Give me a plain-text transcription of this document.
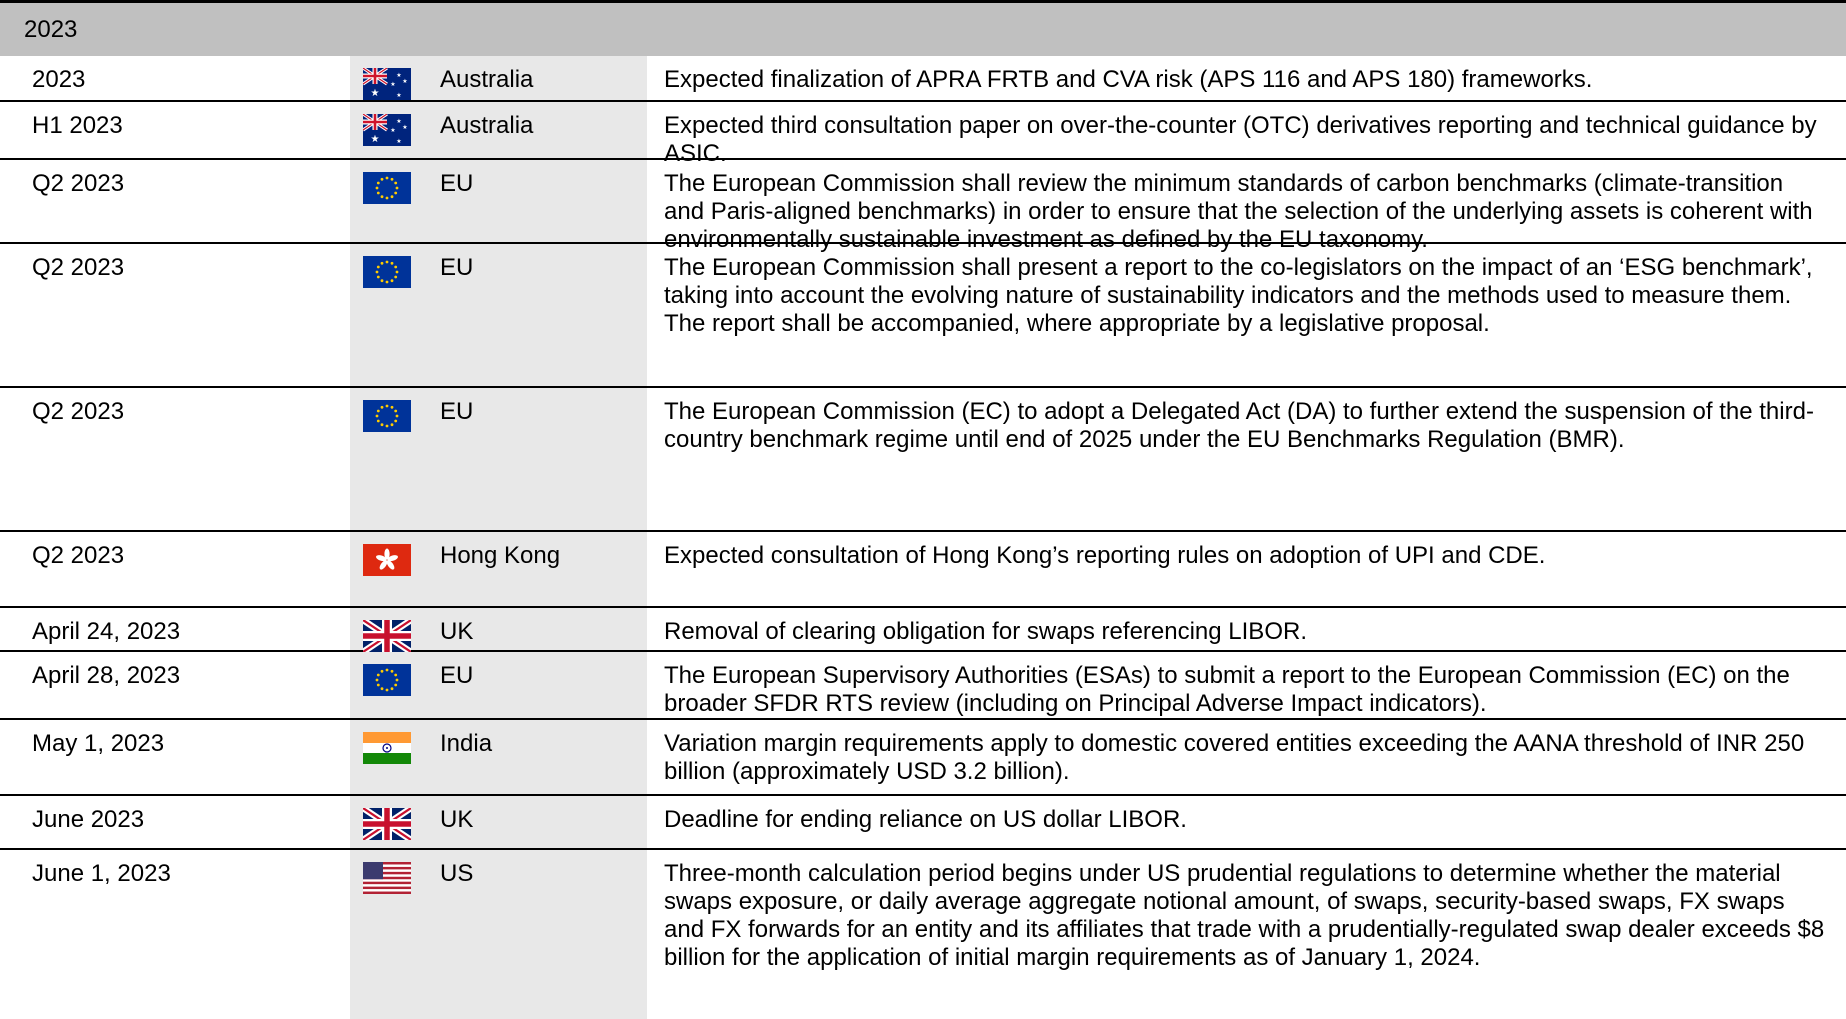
2023
2023	Australia	Expected finalization of APRA FRTB and CVA risk (APS 116 and APS 180) frameworks.
H1 2023	Australia	Expected third consultation paper on over-the-counter (OTC) derivatives reporting and technical guidance by ASIC.
Q2 2023	EU	The European Commission shall review the minimum standards of carbon benchmarks (climate-transition and Paris-aligned benchmarks) in order to ensure that the selection of the underlying assets is coherent with environmentally sustainable investment as defined by the EU taxonomy.
Q2 2023	EU	The European Commission shall present a report to the co-legislators on the impact of an ‘ESG benchmark’, taking into account the evolving nature of sustainability indicators and the methods used to measure them. The report shall be accompanied, where appropriate by a legislative proposal.
Q2 2023	EU	The European Commission (EC) to adopt a Delegated Act (DA) to further extend the suspension of the third-country benchmark regime until end of 2025 under the EU Benchmarks Regulation (BMR).
Q2 2023	Hong Kong	Expected consultation of Hong Kong’s reporting rules on adoption of UPI and CDE.
April 24, 2023	UK	Removal of clearing obligation for swaps referencing LIBOR.
April 28, 2023	EU	The European Supervisory Authorities (ESAs) to submit a report to the European Commission (EC) on the broader SFDR RTS review (including on Principal Adverse Impact indicators).
May 1, 2023	India	Variation margin requirements apply to domestic covered entities exceeding the AANA threshold of INR 250 billion (approximately USD 3.2 billion).
June 2023	UK	Deadline for ending reliance on US dollar LIBOR.
June 1, 2023	US	Three-month calculation period begins under US prudential regulations to determine whether the material swaps exposure, or daily average aggregate notional amount, of swaps, security-based swaps, FX swaps and FX forwards for an entity and its affiliates that trade with a prudentially-regulated swap dealer exceeds $8 billion for the application of initial margin requirements as of January 1, 2024.
